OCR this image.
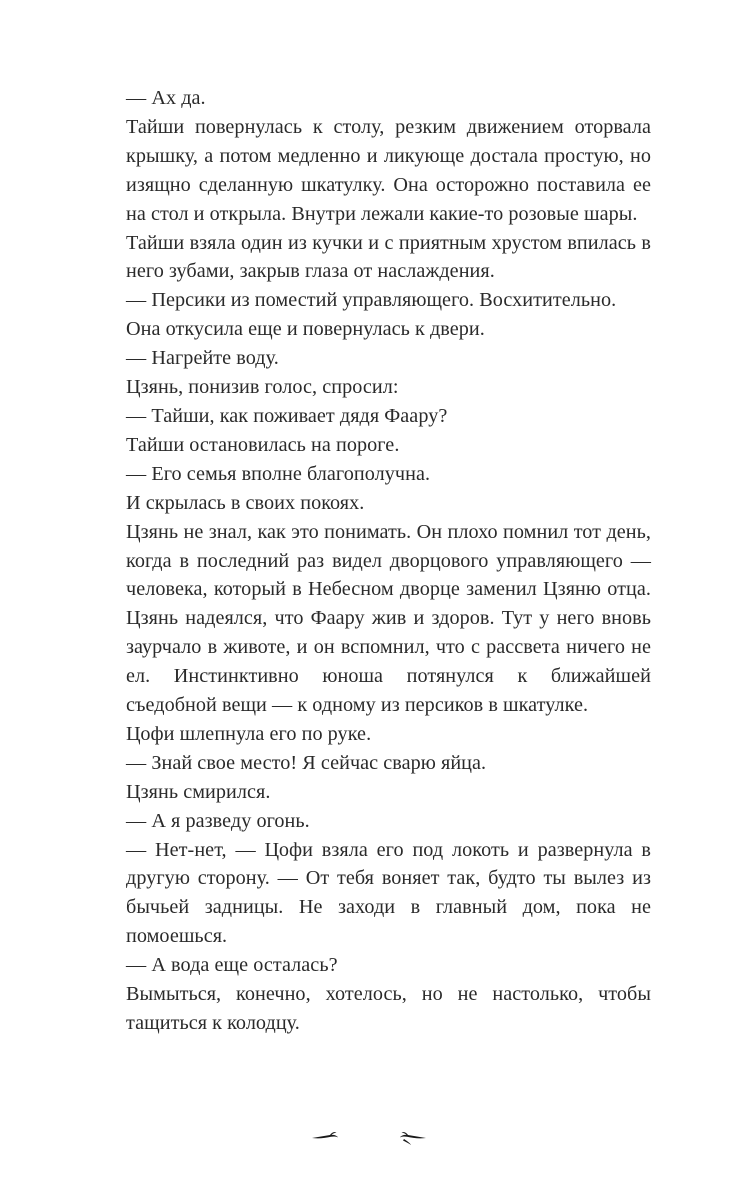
— Ах да.

Тайши повернулась к столу, резким движением оторвала крышку, а потом медленно и ликующе достала простую, но изящно сделанную шкатулку. Она осторожно поставила ее на стол и открыла. Внутри лежали какие-то розовые шары.

Тайши взяла один из кучки и с приятным хрустом впилась в него зубами, закрыв глаза от наслаждения.

— Персики из поместий управляющего. Восхитительно.

Она откусила еще и повернулась к двери.

— Нагрейте воду.

Цзянь, понизив голос, спросил:

— Тайши, как поживает дядя Фаару?

Тайши остановилась на пороге.

— Его семья вполне благополучна.

И скрылась в своих покоях.

Цзянь не знал, как это понимать. Он плохо помнил тот день, когда в последний раз видел дворцового управляющего — человека, который в Небесном дворце заменил Цзяню отца. Цзянь надеялся, что Фаару жив и здоров. Тут у него вновь заурчало в животе, и он вспомнил, что с рассвета ничего не ел. Инстинктивно юноша потянулся к ближайшей съедобной вещи — к одному из персиков в шкатулке.

Цофи шлепнула его по руке.

— Знай свое место! Я сейчас сварю яйца.

Цзянь смирился.

— А я разведу огонь.

— Нет-нет, — Цофи взяла его под локоть и развернула в другую сторону. — От тебя воняет так, будто ты вылез из бычьей задницы. Не заходи в главный дом, пока не помоешься.

— А вода еще осталась?

Вымыться, конечно, хотелось, но не настолько, чтобы тащиться к колодцу.
